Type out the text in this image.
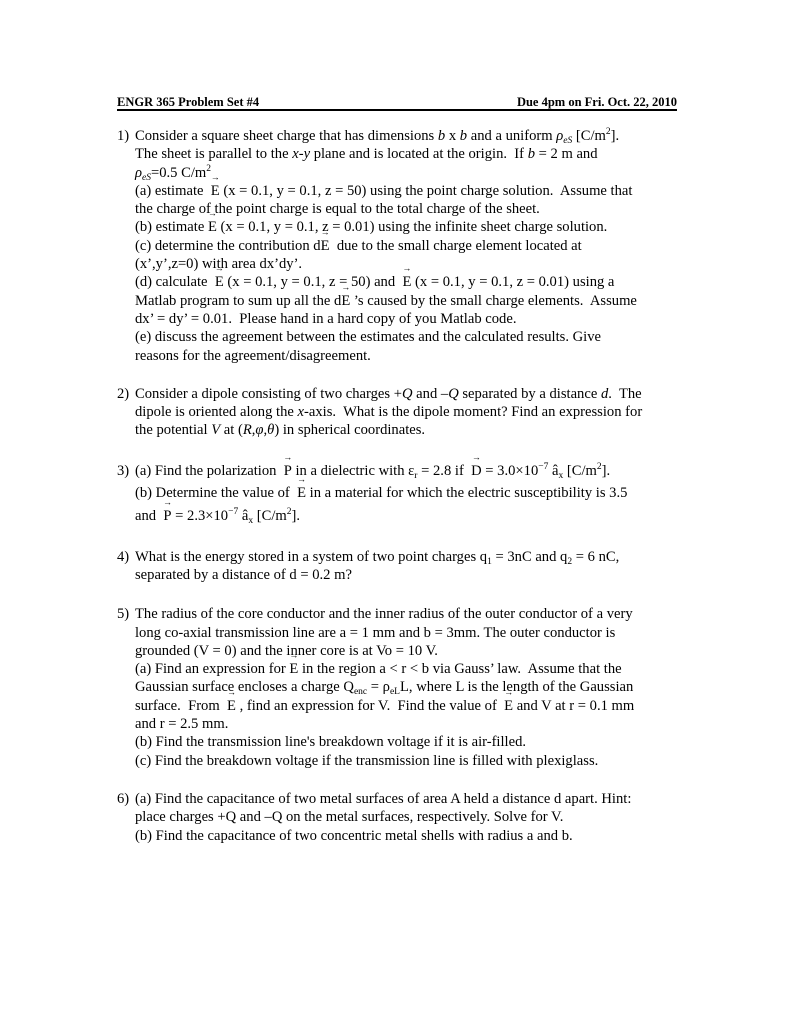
ENGR 365 Problem Set #4	Due 4pm on Fri. Oct. 22, 2010
1) Consider a square sheet charge that has dimensions b x b and a uniform $\rho_{eS}$ $[C/m^2]$.
The sheet is parallel to the x-y plane and is located at the origin.  If b = 2 m and
$\rho_{eS}=0.5$ $C/m^2$
(a) estimate  → E (x = 0.1, y = 0.1, z = 50) using the point charge solution.  Assume that
the charge of the point charge is equal to the total charge of the sheet.
(b) estimate → E (x = 0.1, y = 0.1, z = 0.01) using the infinite sheet charge solution.
(c) determine the contribution d→ E  due to the small charge element located at
(x’,y’,z=0) with area dx’dy’.
(d) calculate  → E (x = 0.1, y = 0.1, z = 50) and  → E (x = 0.1, y = 0.1, z = 0.01) using a
Matlab program to sum up all the d→ E ’s caused by the small charge elements.  Assume
dx’ = dy’ = 0.01.  Please hand in a hard copy of you Matlab code.
(e) discuss the agreement between the estimates and the calculated results. Give
reasons for the agreement/disagreement.
2) Consider a dipole consisting of two charges +Q and –Q separated by a distance d.  The
dipole is oriented along the x-axis.  What is the dipole moment? Find an expression for
the potential V at (R,φ,θ) in spherical coordinates.
3) (a) Find the polarization  → P in a dielectric with $\varepsilon_r = 2.8$ if  → $D = 3.0\times 10^{-7}$ $â_x$ $[C/m^2]$.
(b) Determine the value of  → E in a material for which the electric susceptibility is 3.5
and  → $P = 2.3\times 10^{-7}$ $â_x$ $[C/m^2]$.
4) What is the energy stored in a system of two point charges $q_1 = 3nC$ and $q_2 = 6$ nC,
separated by a distance of d = 0.2 m?
5) The radius of the core conductor and the inner radius of the outer conductor of a very
long co-axial transmission line are a = 1 mm and b = 3mm. The outer conductor is
grounded (V = 0) and the inner core is at Vo = 10 V.
(a) Find an expression for → E in the region a < r < b via Gauss’ law.  Assume that the
Gaussian surface encloses a charge $Q_{enc} = \rho_{eL}L$, where L is the length of the Gaussian
surface.  From  → E , find an expression for V.  Find the value of  → E and V at r = 0.1 mm
and r = 2.5 mm.
(b) Find the transmission line's breakdown voltage if it is air-filled.
(c) Find the breakdown voltage if the transmission line is filled with plexiglass.
6) (a) Find the capacitance of two metal surfaces of area A held a distance d apart. Hint:
place charges +Q and –Q on the metal surfaces, respectively. Solve for V.
(b) Find the capacitance of two concentric metal shells with radius a and b.
